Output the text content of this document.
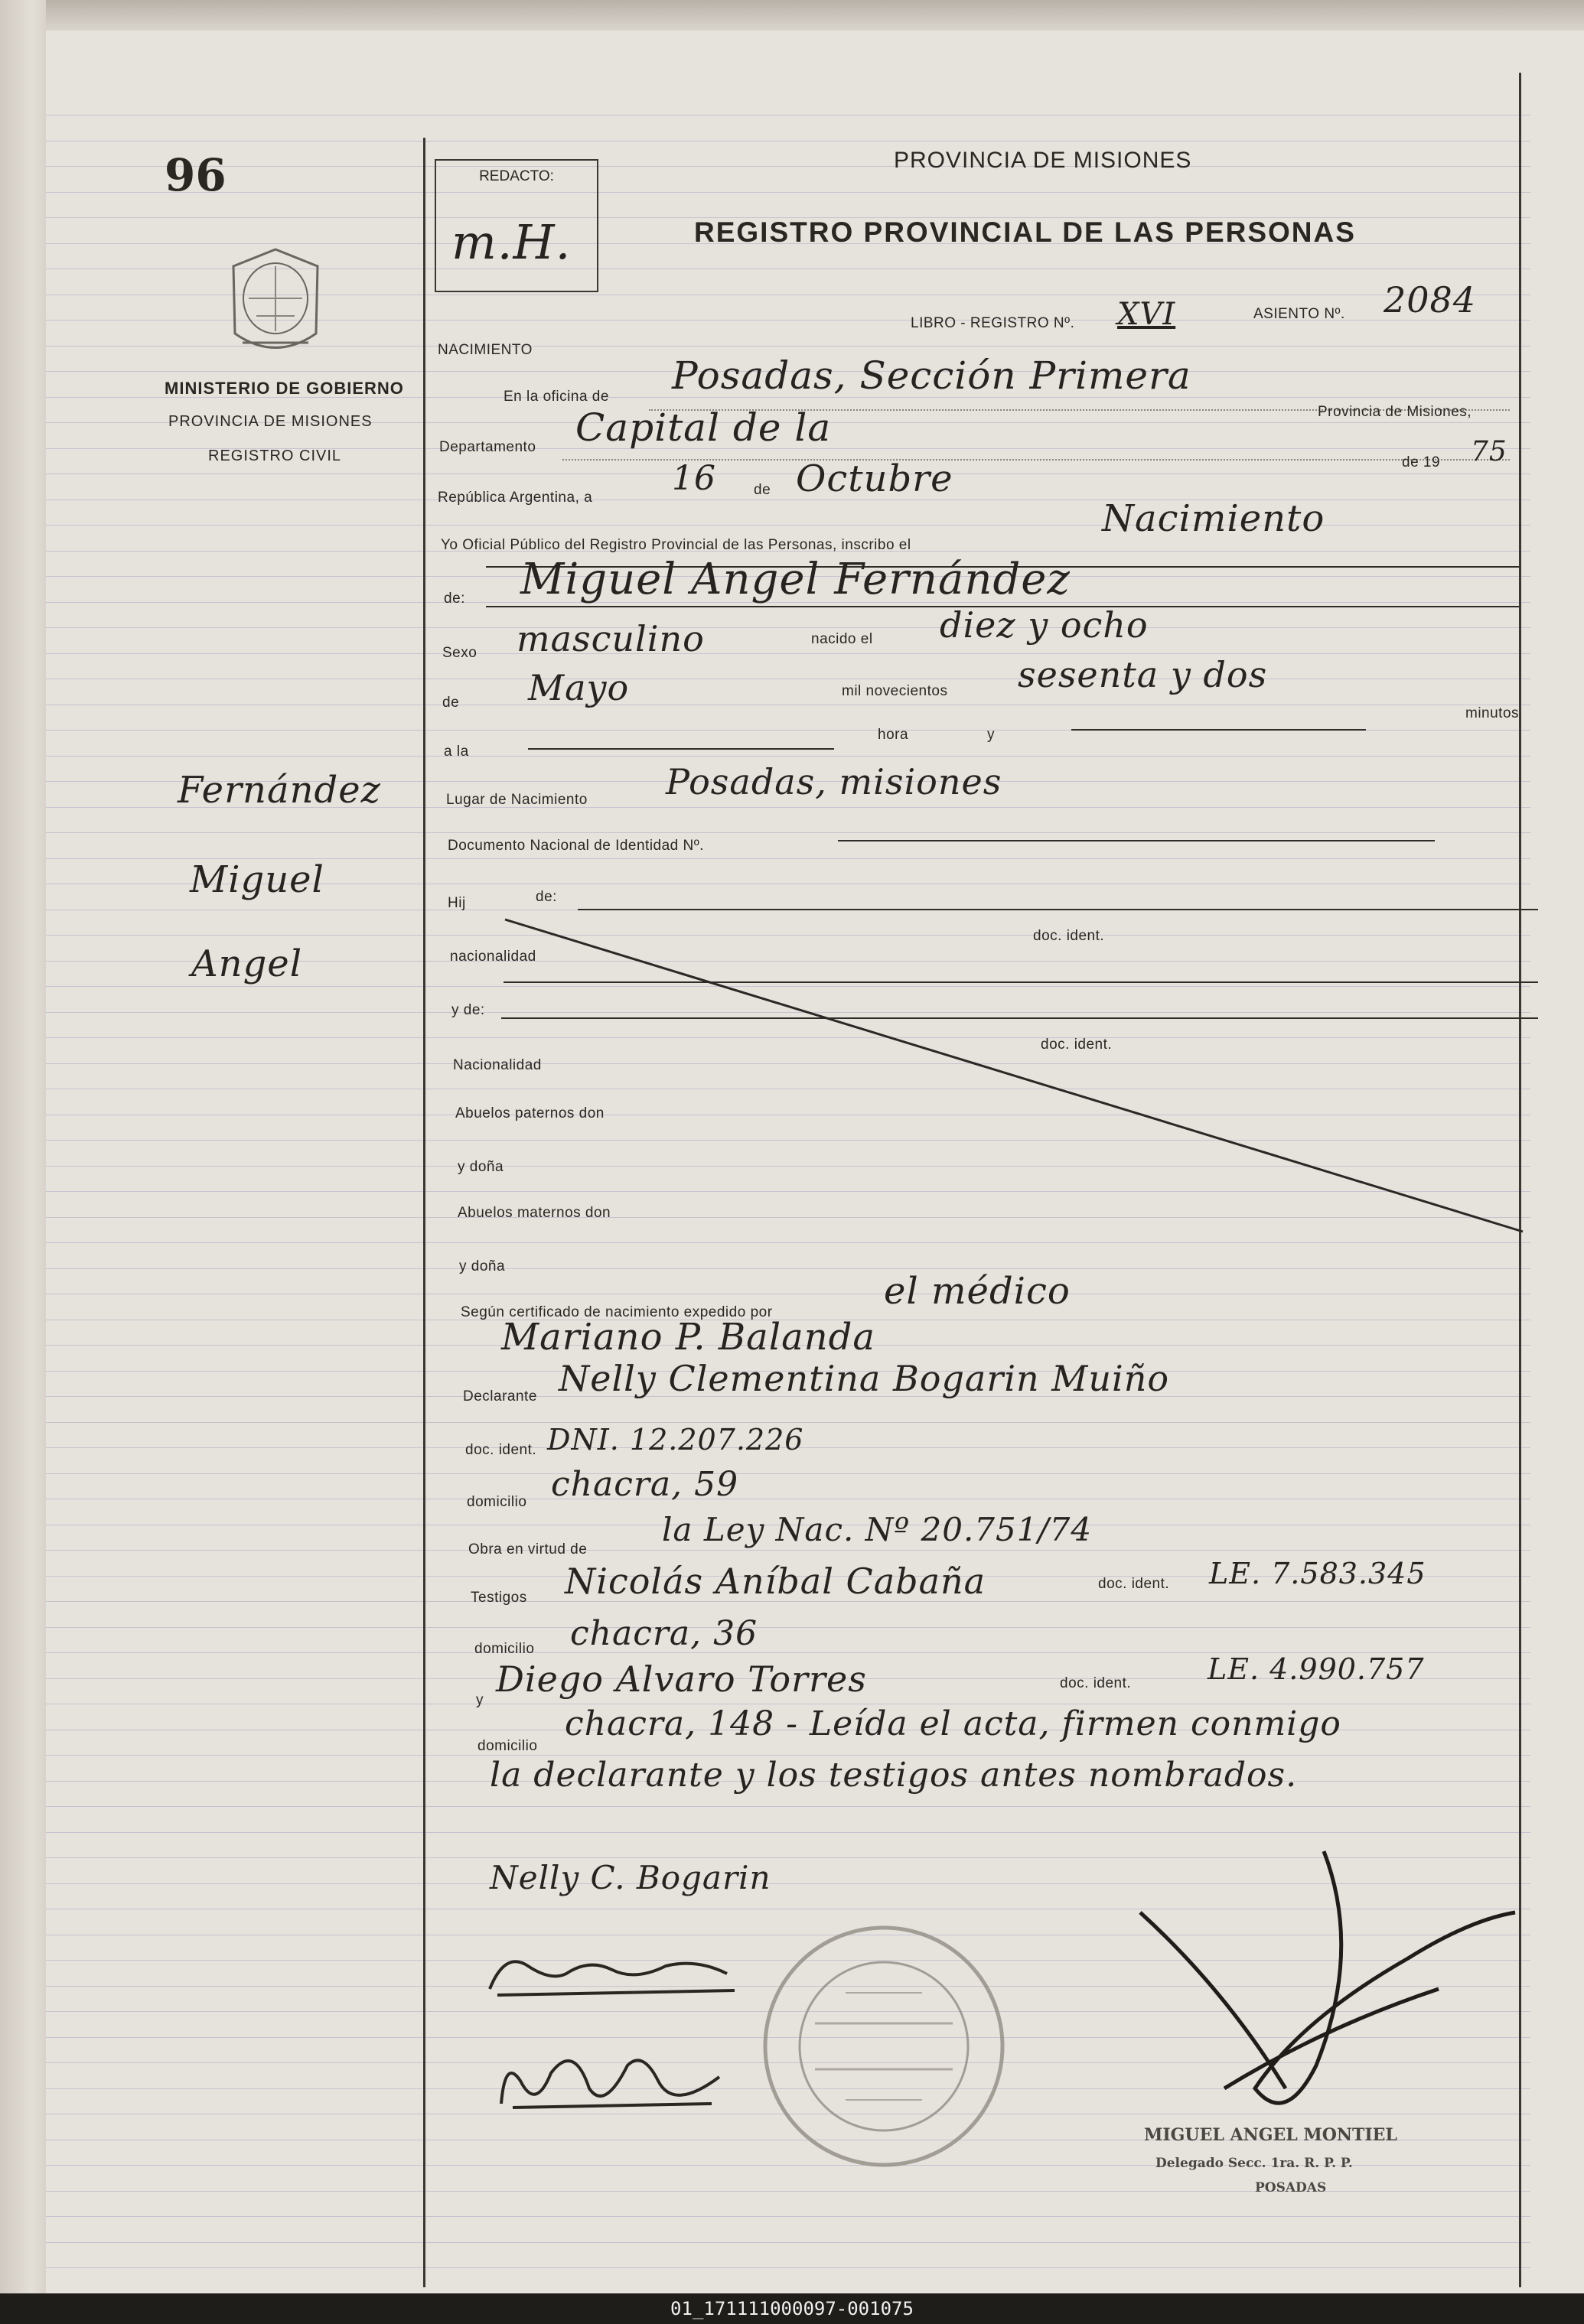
96
MINISTERIO DE GOBIERNO
PROVINCIA DE MISIONES
REGISTRO CIVIL
REDACTO:
m.H.
PROVINCIA DE MISIONES
REGISTRO PROVINCIAL DE LAS PERSONAS
LIBRO - REGISTRO Nº. XVI	ASIENTO Nº. 2084
NACIMIENTO
En la oficina de Posadas, Sección Primera
Provincia de Misiones,
Departamento Capital de la
República Argentina, a 16	de Octubre	de 19 75
Yo Oficial Público del Registro Provincial de las Personas, inscribo el
Nacimiento
de: Miguel Angel Fernández
Sexo masculino	nacido el diez y ocho
de Mayo	mil novecientos sesenta y dos
a la
hora	y
minutos
Lugar de Nacimiento Posadas, misiones
Documento Nacional de Identidad Nº.
Hij	de:
doc. ident.
nacionalidad
y de:
doc. ident.
Nacionalidad
Abuelos paternos don
y doña
Abuelos maternos don
y doña
Según certificado de nacimiento expedido por	el médico
Mariano P. Balanda
Declarante Nelly Clementina Bogarin Muiño
doc. ident. DNI. 12.207.226
domicilio chacra, 59
Obra en virtud de
la Ley Nac. Nº 20.751/74
Testigos Nicolás Aníbal Cabaña	doc. ident. LE. 7.583.345
domicilio chacra, 36
y
Diego Alvaro Torres	doc. ident.	LE. 4.990.757
domicilio
chacra, 148 - Leída el acta, firmen conmigo
la declarante y los testigos antes nombrados.
Nelly C. Bogarin
MIGUEL ANGEL MONTIEL
Delegado Secc. 1ra. R. P. P.
POSADAS
Fernández
Miguel
Angel
01_171111000097-001075
